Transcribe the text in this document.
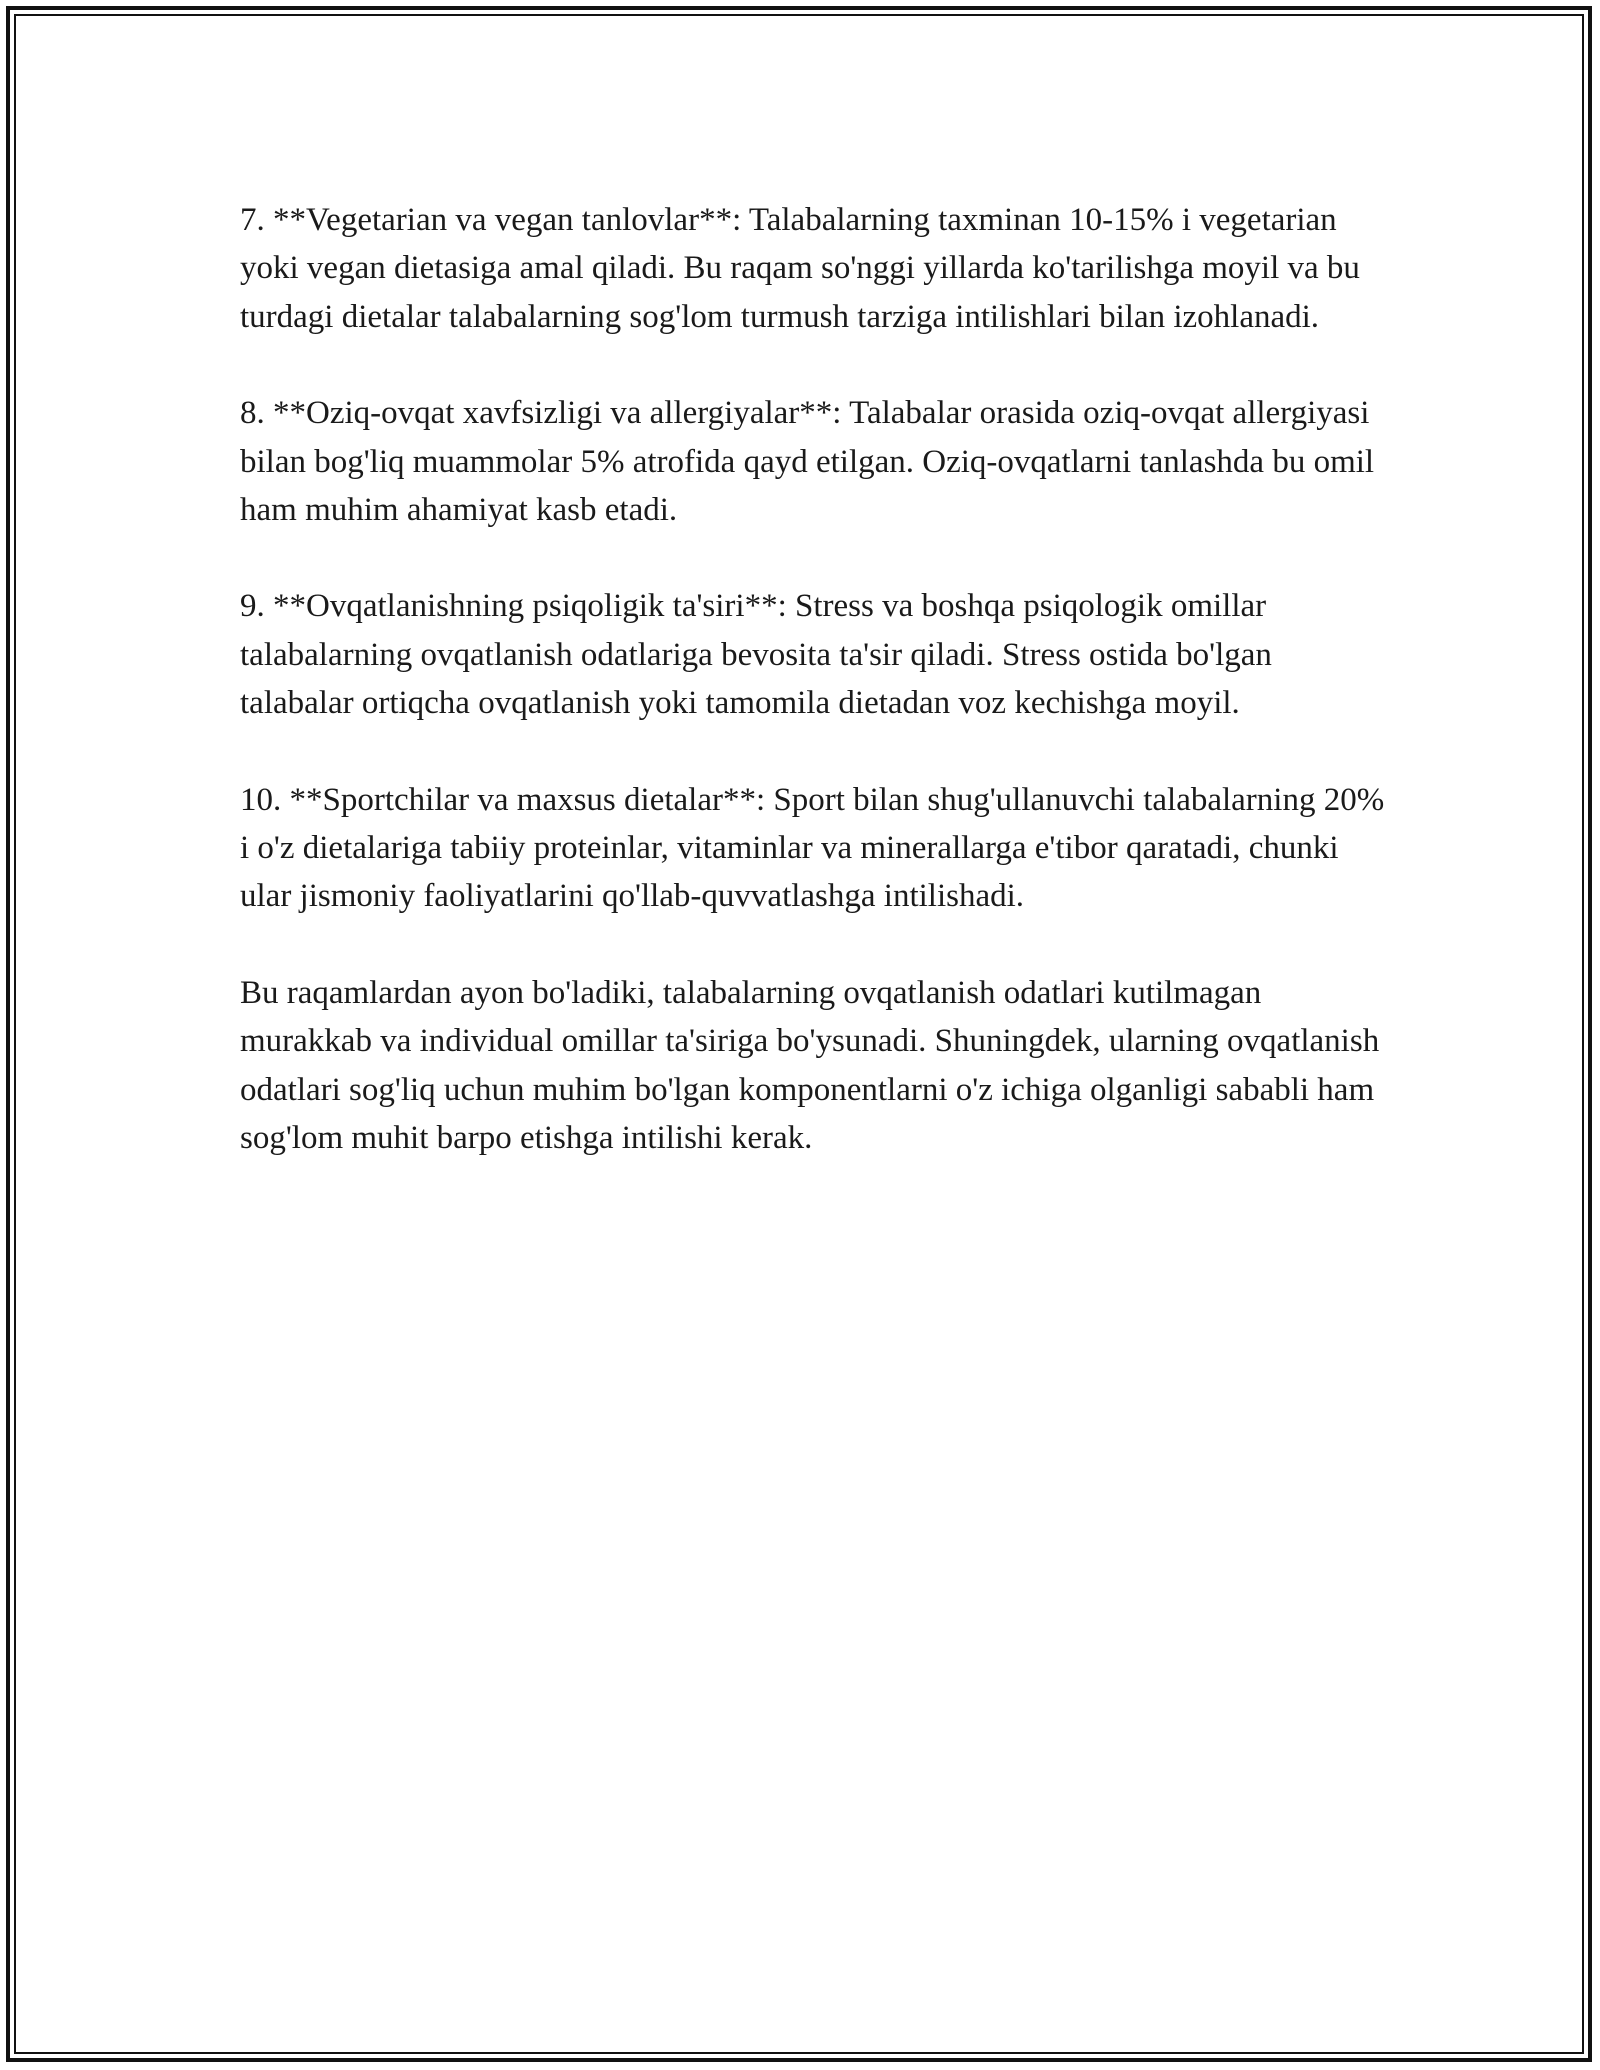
7. **Vegetarian va vegan tanlovlar**: Talabalarning taxminan 10-15% i vegetarian yoki vegan dietasiga amal qiladi. Bu raqam so'nggi yillarda ko'tarilishga moyil va bu turdagi dietalar talabalarning sog'lom turmush tarziga intilishlari bilan izohlanadi.

8. **Oziq-ovqat xavfsizligi va allergiyalar**: Talabalar orasida oziq-ovqat allergiyasi bilan bog'liq muammolar 5% atrofida qayd etilgan. Oziq-ovqatlarni tanlashda bu omil ham muhim ahamiyat kasb etadi.

9. **Ovqatlanishning psiqoligik ta'siri**: Stress va boshqa psiqologik omillar talabalarning ovqatlanish odatlariga bevosita ta'sir qiladi. Stress ostida bo'lgan talabalar ortiqcha ovqatlanish yoki tamomila dietadan voz kechishga moyil.

10. **Sportchilar va maxsus dietalar**: Sport bilan shug'ullanuvchi talabalarning 20% i o'z dietalariga tabiiy proteinlar, vitaminlar va minerallarga e'tibor qaratadi, chunki ular jismoniy faoliyatlarini qo'llab-quvvatlashga intilishadi.

Bu raqamlardan ayon bo'ladiki, talabalarning ovqatlanish odatlari kutilmagan murakkab va individual omillar ta'siriga bo'ysunadi. Shuningdek, ularning ovqatlanish odatlari sog'liq uchun muhim bo'lgan komponentlarni o'z ichiga olganligi sababli ham sog'lom muhit barpo etishga intilishi kerak.
